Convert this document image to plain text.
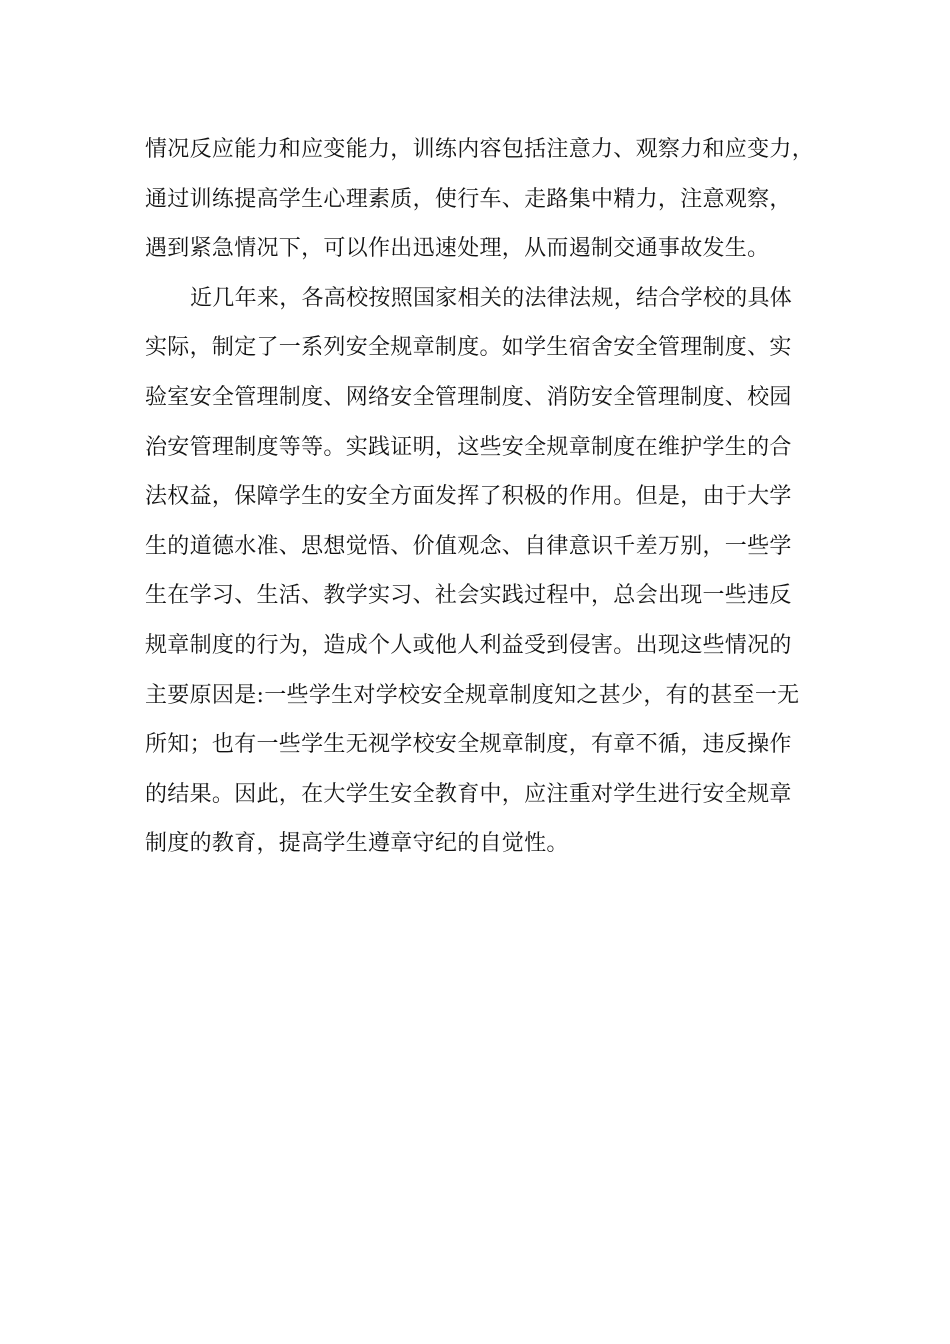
情况反应能力和应变能力，训练内容包括注意力、观察力和应变力，
通过训练提高学生心理素质，使行车、走路集中精力，注意观察，
遇到紧急情况下，可以作出迅速处理，从而遏制交通事故发生。
近几年来，各高校按照国家相关的法律法规，结合学校的具体
实际，制定了一系列安全规章制度。如学生宿舍安全管理制度、实
验室安全管理制度、网络安全管理制度、消防安全管理制度、校园
治安管理制度等等。实践证明，这些安全规章制度在维护学生的合
法权益，保障学生的安全方面发挥了积极的作用。但是，由于大学
生的道德水准、思想觉悟、价值观念、自律意识千差万别，一些学
生在学习、生活、教学实习、社会实践过程中，总会出现一些违反
规章制度的行为，造成个人或他人利益受到侵害。出现这些情况的
主要原因是:一些学生对学校安全规章制度知之甚少，有的甚至一无
所知；也有一些学生无视学校安全规章制度，有章不循，违反操作
的结果。因此，在大学生安全教育中，应注重对学生进行安全规章
制度的教育，提高学生遵章守纪的自觉性。
